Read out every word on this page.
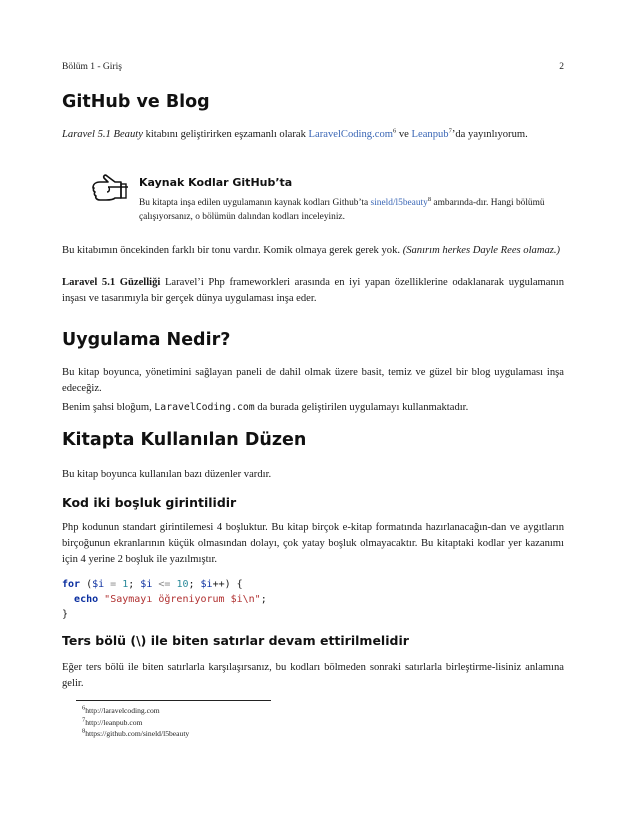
Bölüm 1 - Giriş	2
GitHub ve Blog

Laravel 5.1 Beauty kitabını geliştirirken eşzamanlı olarak LaravelCoding.com$^6$ ve Leanpub$^7$’da yayınlıyorum.

Kaynak Kodlar GitHub’ta
Bu kitapta inşa edilen uygulamanın kaynak kodları Github’ta sineld/l5beauty$^8$ ambarında-dır. Hangi bölümü çalışıyorsanız, o bölümün dalından kodları inceleyiniz.

Bu kitabımın öncekinden farklı bir tonu vardır. Komik olmaya gerek gerek yok. (Sanırım herkes Dayle Rees olamaz.)

Laravel 5.1 Güzelliği Laravel’i Php frameworkleri arasında en iyi yapan özelliklerine odaklanarak uygulamanın inşası ve tasarımıyla bir gerçek dünya uygulaması inşa eder.

Uygulama Nedir?

Bu kitap boyunca, yönetimini sağlayan paneli de dahil olmak üzere basit, temiz ve güzel bir blog uygulaması inşa edeceğiz.

Benim şahsi bloğum, LaravelCoding.com da burada geliştirilen uygulamayı kullanmaktadır.

Kitapta Kullanılan Düzen

Bu kitap boyunca kullanılan bazı düzenler vardır.

Kod iki boşluk girintilidir

Php kodunun standart girintilemesi 4 boşluktur. Bu kitap birçok e-kitap formatında hazırlanacağın-dan ve aygıtların birçoğunun ekranlarının küçük olmasından dolayı, çok yatay boşluk olmayacaktır. Bu kitaptaki kodlar yer kazanımı için 4 yerine 2 boşluk ile yazılmıştır.

for ($i = 1; $i <= 10; $i++) {
echo "Saymayı öğreniyorum $i\n";
}
Ters bölü (\) ile biten satırlar devam ettirilmelidir

Eğer ters bölü ile biten satırlarla karşılaşırsanız, bu kodları bölmeden sonraki satırlarla birleştirme-lisiniz anlamına gelir.

$^6$http://laravelcoding.com
$^7$http://leanpub.com
$^8$https://github.com/sineld/l5beauty
